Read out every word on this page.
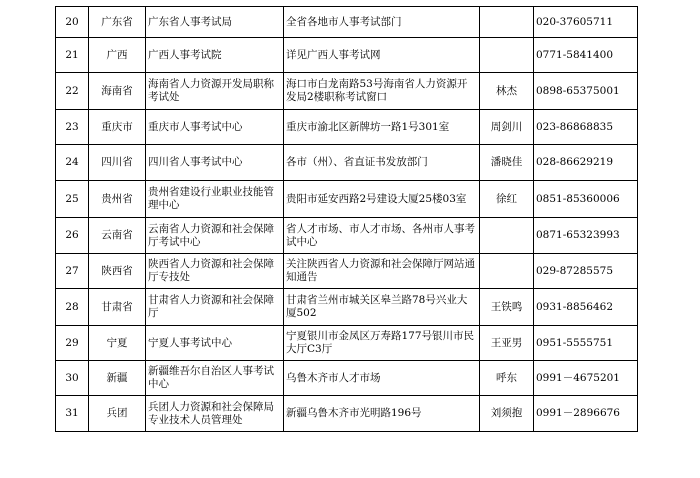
20	广东省	广东省人事考试局	全省各地市人事考试部门		020-37605711
21	广西	广西人事考试院	详见广西人事考试网		0771-5841400
22	海南省	海南省人力资源开发局职称考试处	海口市白龙南路53号海南省人力资源开发局2楼职称考试窗口	林杰	0898-65375001
23	重庆市	重庆市人事考试中心	重庆市渝北区新牌坊一路1号301室	周剑川	023-86868835
24	四川省	四川省人事考试中心	各市（州）、省直证书发放部门	潘晓佳	028-86629219
25	贵州省	贵州省建设行业职业技能管理中心	贵阳市延安西路2号建设大厦25楼03室	徐红	0851-85360006
26	云南省	云南省人力资源和社会保障厅考试中心	省人才市场、市人才市场、各州市人事考试中心		0871-65323993
27	陕西省	陕西省人力资源和社会保障厅专技处	关注陕西省人力资源和社会保障厅网站通知通告		029-87285575
28	甘肃省	甘肃省人力资源和社会保障厅	甘肃省兰州市城关区皋兰路78号兴业大厦502	王铁鸣	0931-8856462
29	宁夏	宁夏人事考试中心	宁夏银川市金凤区万寿路177号银川市民大厅C3厅	王亚男	0951-5555751
30	新疆	新疆维吾尔自治区人事考试中心	乌鲁木齐市人才市场	呼东	0991－4675201
31	兵团	兵团人力资源和社会保障局专业技术人员管理处	新疆乌鲁木齐市光明路196号	刘须抱	0991－2896676
